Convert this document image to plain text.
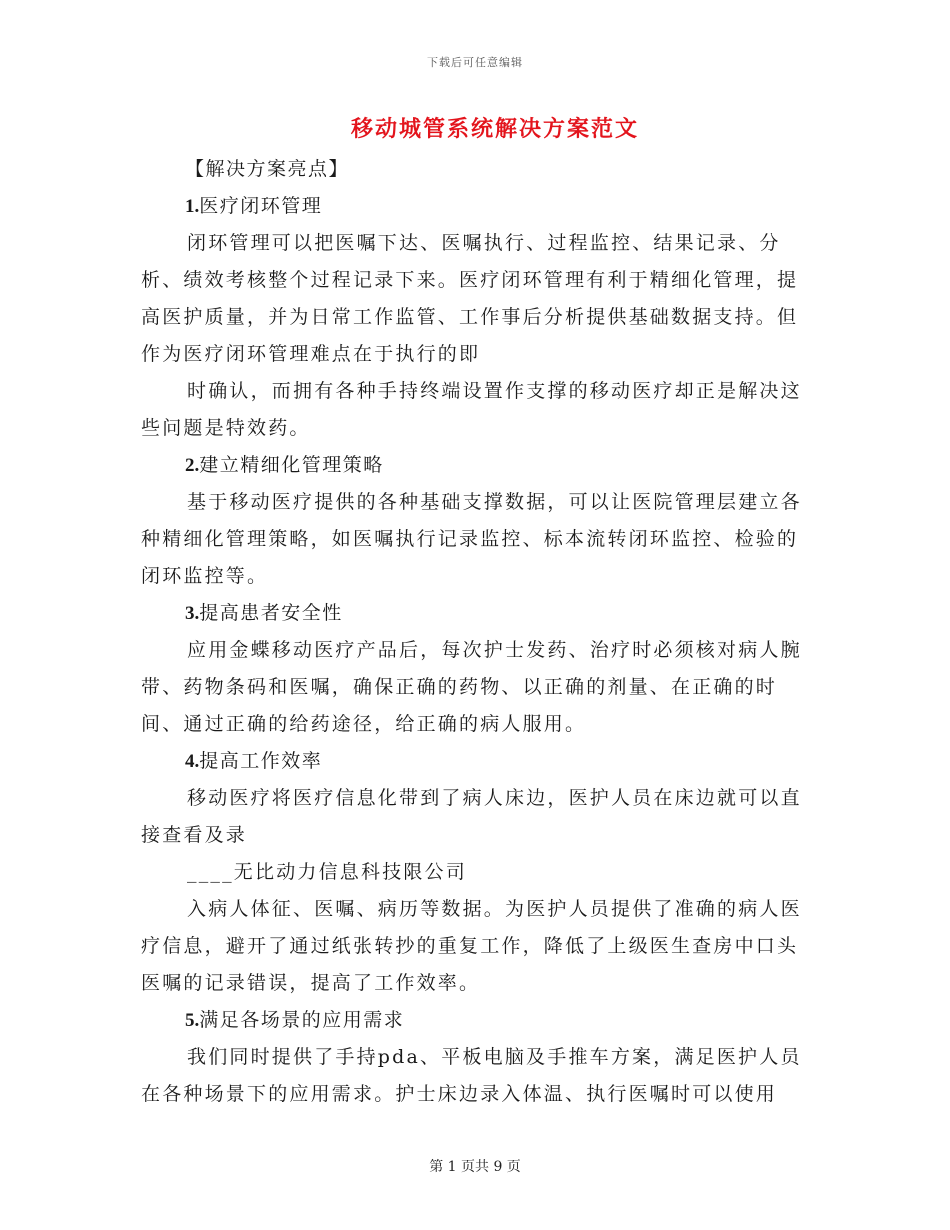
下载后可任意编辑
移动城管系统解决方案范文

【解决方案亮点】

1.医疗闭环管理

闭环管理可以把医嘱下达、医嘱执行、过程监控、结果记录、分析、绩效考核整个过程记录下来。医疗闭环管理有利于精细化管理，提高医护质量，并为日常工作监管、工作事后分析提供基础数据支持。但作为医疗闭环管理难点在于执行的即

时确认，而拥有各种手持终端设置作支撑的移动医疗却正是解决这些问题是特效药。

2.建立精细化管理策略

基于移动医疗提供的各种基础支撑数据，可以让医院管理层建立各种精细化管理策略，如医嘱执行记录监控、标本流转闭环监控、检验的闭环监控等。

3.提高患者安全性

应用金蝶移动医疗产品后，每次护士发药、治疗时必须核对病人腕带、药物条码和医嘱，确保正确的药物、以正确的剂量、在正确的时间、通过正确的给药途径，给正确的病人服用。

4.提高工作效率

移动医疗将医疗信息化带到了病人床边，医护人员在床边就可以直接查看及录

____无比动力信息科技限公司

入病人体征、医嘱、病历等数据。为医护人员提供了准确的病人医疗信息，避开了通过纸张转抄的重复工作，降低了上级医生查房中口头医嘱的记录错误，提高了工作效率。

5.满足各场景的应用需求

我们同时提供了手持pda、平板电脑及手推车方案，满足医护人员在各种场景下的应用需求。护士床边录入体温、执行医嘱时可以使用

第 1 页共 9 页
